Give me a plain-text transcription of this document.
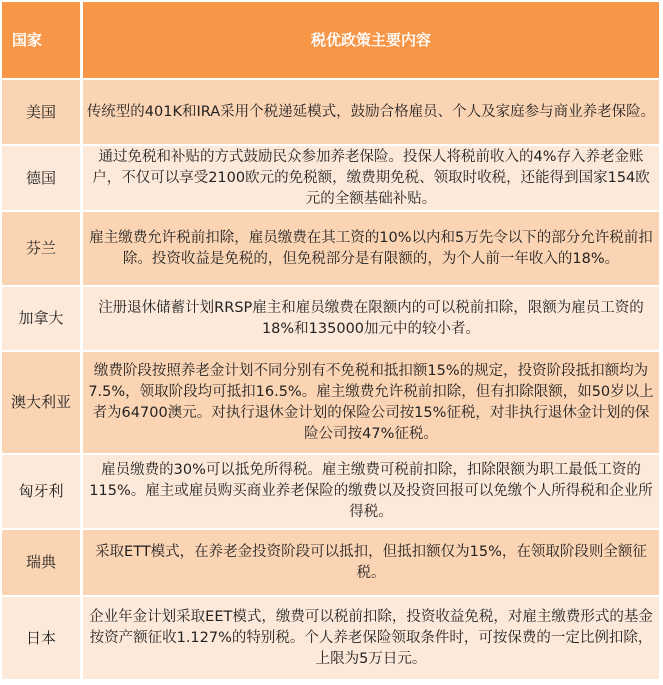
国家	税优政策主要内容
美国	传统型的401K和IRA采用个税递延模式，鼓励合格雇员、个人及家庭参与商业养老保险。
德国	通过免税和补贴的方式鼓励民众参加养老保险。投保人将税前收入的4%存入养老金账户，不仅可以享受2100欧元的免税额，缴费期免税、领取时收税，还能得到国家154欧元的全额基础补贴。
芬兰	雇主缴费允许税前扣除，雇员缴费在其工资的10%以内和5万先令以下的部分允许税前扣除。投资收益是免税的，但免税部分是有限额的，为个人前一年收入的18%。
加拿大	注册退休储蓄计划RRSP雇主和雇员缴费在限额内的可以税前扣除，限额为雇员工资的18%和135000加元中的较小者。
澳大利亚	缴费阶段按照养老金计划不同分别有不免税和抵扣额15%的规定，投资阶段抵扣额均为7.5%，领取阶段均可抵扣16.5%。雇主缴费允许税前扣除，但有扣除限额，如50岁以上者为64700澳元。对执行退休金计划的保险公司按15%征税，对非执行退休金计划的保险公司按47%征税。
匈牙利	雇员缴费的30%可以抵免所得税。雇主缴费可税前扣除，扣除限额为职工最低工资的115%。雇主或雇员购买商业养老保险的缴费以及投资回报可以免缴个人所得税和企业所得税。
瑞典	采取ETT模式，在养老金投资阶段可以抵扣，但抵扣额仅为15%，在领取阶段则全额征税。
日本	企业年金计划采取EET模式，缴费可以税前扣除，投资收益免税，对雇主缴费形式的基金按资产额征收1.127%的特别税。个人养老保险领取条件时，可按保费的一定比例扣除，上限为5万日元。
